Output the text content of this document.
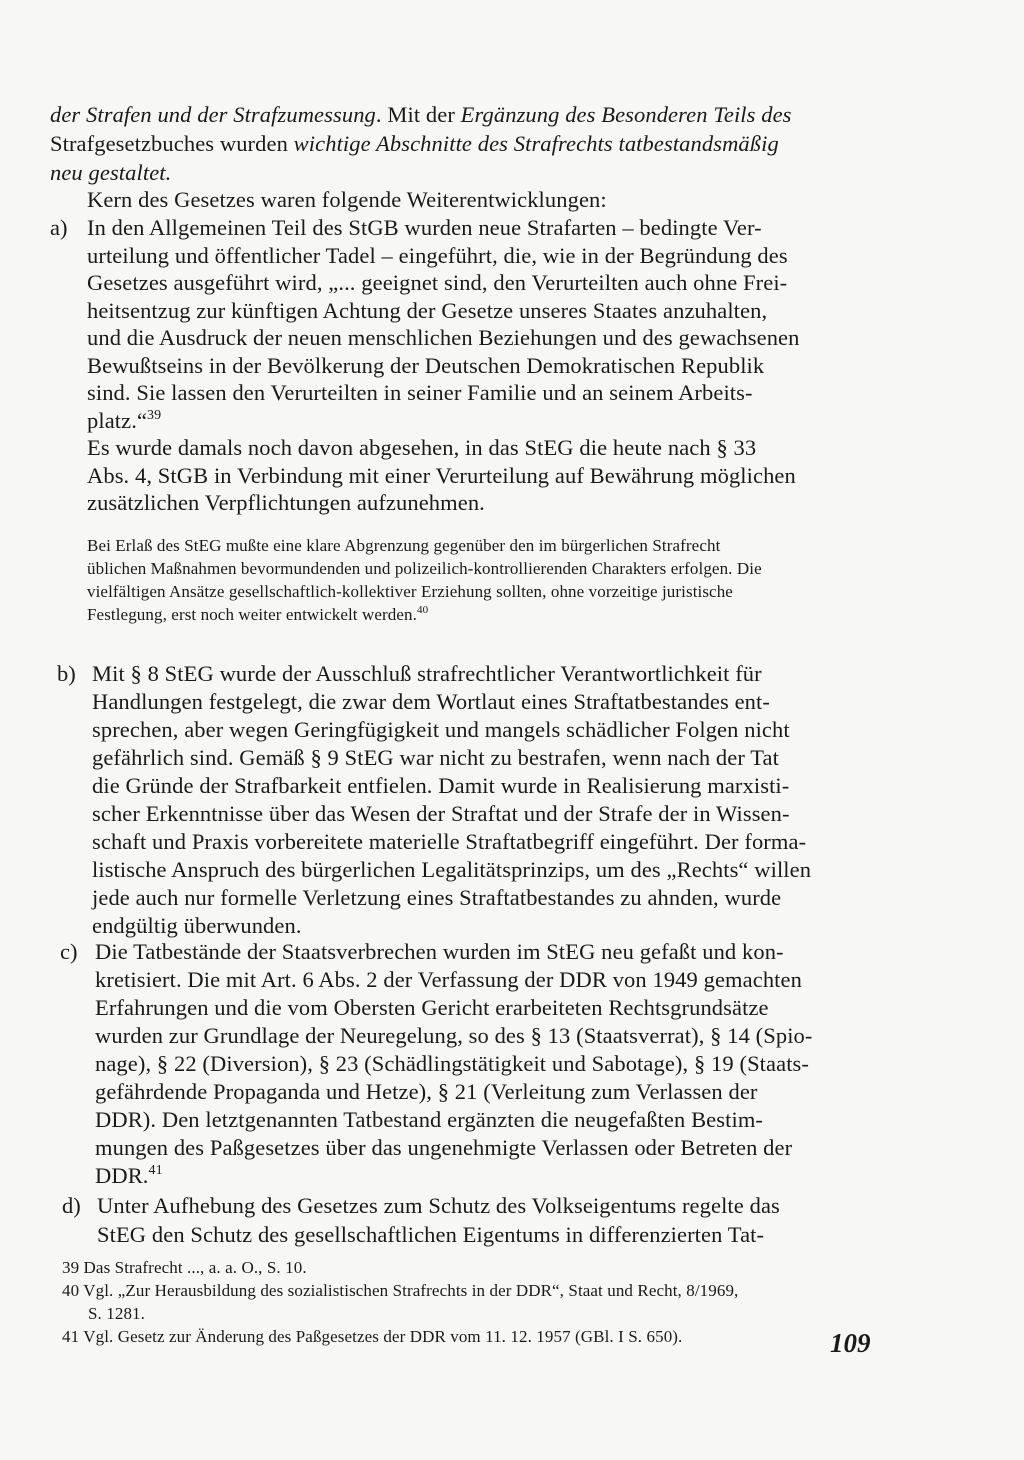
der Strafen und der Strafzumessung. Mit der Ergänzung des Besonderen Teils des
Strafgesetzbuches wurden wichtige Abschnitte des Strafrechts tatbestandsmäßig
neu gestaltet.
Kern des Gesetzes waren folgende Weiterentwicklungen:
a) In den Allgemeinen Teil des StGB wurden neue Strafarten – bedingte Ver-
urteilung und öffentlicher Tadel – eingeführt, die, wie in der Begründung des
Gesetzes ausgeführt wird, „... geeignet sind, den Verurteilten auch ohne Frei-
heitsentzug zur künftigen Achtung der Gesetze unseres Staates anzuhalten,
und die Ausdruck der neuen menschlichen Beziehungen und des gewachsenen
Bewußtseins in der Bevölkerung der Deutschen Demokratischen Republik
sind. Sie lassen den Verurteilten in seiner Familie und an seinem Arbeits-
platz.“$^{39}$
Es wurde damals noch davon abgesehen, in das StEG die heute nach § 33
Abs. 4, StGB in Verbindung mit einer Verurteilung auf Bewährung möglichen
zusätzlichen Verpflichtungen aufzunehmen.
Bei Erlaß des StEG mußte eine klare Abgrenzung gegenüber den im bürgerlichen Strafrecht
üblichen Maßnahmen bevormundenden und polizeilich-kontrollierenden Charakters erfolgen. Die
vielfältigen Ansätze gesellschaftlich-kollektiver Erziehung sollten, ohne vorzeitige juristische
Festlegung, erst noch weiter entwickelt werden.$^{40}$
b) Mit § 8 StEG wurde der Ausschluß strafrechtlicher Verantwortlichkeit für
Handlungen festgelegt, die zwar dem Wortlaut eines Straftatbestandes ent-
sprechen, aber wegen Geringfügigkeit und mangels schädlicher Folgen nicht
gefährlich sind. Gemäß § 9 StEG war nicht zu bestrafen, wenn nach der Tat
die Gründe der Strafbarkeit entfielen. Damit wurde in Realisierung marxisti-
scher Erkenntnisse über das Wesen der Straftat und der Strafe der in Wissen-
schaft und Praxis vorbereitete materielle Straftatbegriff eingeführt. Der forma-
listische Anspruch des bürgerlichen Legalitätsprinzips, um des „Rechts“ willen
jede auch nur formelle Verletzung eines Straftatbestandes zu ahnden, wurde
endgültig überwunden.
c) Die Tatbestände der Staatsverbrechen wurden im StEG neu gefaßt und kon-
kretisiert. Die mit Art. 6 Abs. 2 der Verfassung der DDR von 1949 gemachten
Erfahrungen und die vom Obersten Gericht erarbeiteten Rechtsgrundsätze
wurden zur Grundlage der Neuregelung, so des § 13 (Staatsverrat), § 14 (Spio-
nage), § 22 (Diversion), § 23 (Schädlingstätigkeit und Sabotage), § 19 (Staats-
gefährdende Propaganda und Hetze), § 21 (Verleitung zum Verlassen der
DDR). Den letztgenannten Tatbestand ergänzten die neugefaßten Bestim-
mungen des Paßgesetzes über das ungenehmigte Verlassen oder Betreten der
DDR.$^{41}$
d) Unter Aufhebung des Gesetzes zum Schutz des Volkseigentums regelte das
StEG den Schutz des gesellschaftlichen Eigentums in differenzierten Tat-
39 Das Strafrecht ..., a. a. O., S. 10.
40 Vgl. „Zur Herausbildung des sozialistischen Strafrechts in der DDR“, Staat und Recht, 8/1969,
S. 1281.
41 Vgl. Gesetz zur Änderung des Paßgesetzes der DDR vom 11. 12. 1957 (GBl. I S. 650).	109
